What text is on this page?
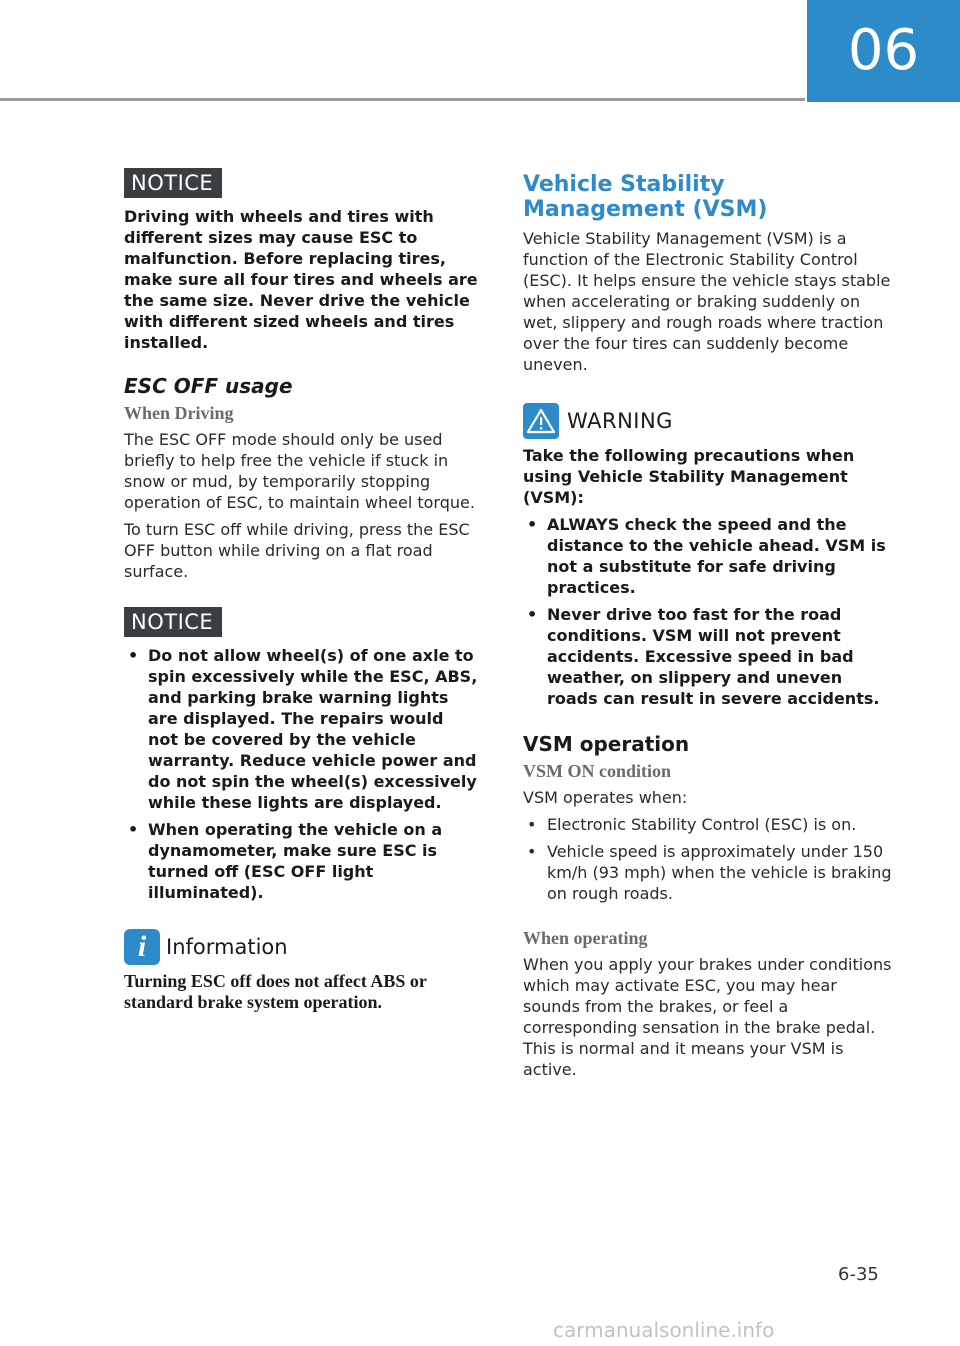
06
NOTICE

Driving with wheels and tires with different sizes may cause ESC to malfunction. Before replacing tires, make sure all four tires and wheels are the same size. Never drive the vehicle with different sized wheels and tires installed.

ESC OFF usage

When Driving

The ESC OFF mode should only be used briefly to help free the vehicle if stuck in snow or mud, by temporarily stopping operation of ESC, to maintain wheel torque.

To turn ESC off while driving, press the ESC OFF button while driving on a flat road surface.

NOTICE
• Do not allow wheel(s) of one axle to spin excessively while the ESC, ABS, and parking brake warning lights are displayed. The repairs would not be covered by the vehicle warranty. Reduce vehicle power and do not spin the wheel(s) excessively while these lights are displayed.
• When operating the vehicle on a dynamometer, make sure ESC is turned off (ESC OFF light illuminated).
i Information

Turning ESC off does not affect ABS or standard brake system operation.

Vehicle Stability Management (VSM)

Vehicle Stability Management (VSM) is a function of the Electronic Stability Control (ESC). It helps ensure the vehicle stays stable when accelerating or braking suddenly on wet, slippery and rough roads where traction over the four tires can suddenly become uneven.

WARNING

Take the following precautions when using Vehicle Stability Management (VSM):

• ALWAYS check the speed and the distance to the vehicle ahead. VSM is not a substitute for safe driving practices.
• Never drive too fast for the road conditions. VSM will not prevent accidents. Excessive speed in bad weather, on slippery and uneven roads can result in severe accidents.

VSM operation

VSM ON condition

VSM operates when:

• Electronic Stability Control (ESC) is on.
• Vehicle speed is approximately under 150 km/h (93 mph) when the vehicle is braking on rough roads.

When operating

When you apply your brakes under conditions which may activate ESC, you may hear sounds from the brakes, or feel a corresponding sensation in the brake pedal. This is normal and it means your VSM is active.

6-35
carmanualsonline.info
